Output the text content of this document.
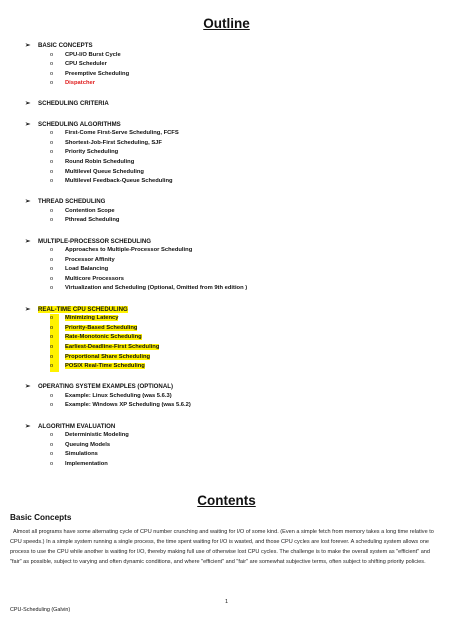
Outline
➢ BASIC CONCEPTS
o CPU-I/O Burst Cycle
o CPU Scheduler
o Preemptive Scheduling
o Dispatcher
➢ SCHEDULING CRITERIA
➢ SCHEDULING ALGORITHMS
o First-Come First-Serve Scheduling, FCFS
o Shortest-Job-First Scheduling, SJF
o Priority Scheduling
o Round Robin Scheduling
o Multilevel Queue Scheduling
o Multilevel Feedback-Queue Scheduling
➢ THREAD SCHEDULING
o Contention Scope
o Pthread Scheduling
➢ MULTIPLE-PROCESSOR SCHEDULING
o Approaches to Multiple-Processor Scheduling
o Processor Affinity
o Load Balancing
o Multicore Processors
o Virtualization and Scheduling (Optional, Omitted from 9th edition )
➢ REAL-TIME CPU SCHEDULING
o	Minimizing Latency
o	Priority-Based Scheduling
o	Rate-Monotonic Scheduling
o	Earliest-Deadline-First Scheduling
o	Proportional Share Scheduling
o	POSIX Real-Time Scheduling
➢ OPERATING SYSTEM EXAMPLES (OPTIONAL)
o Example: Linux Scheduling (was 5.6.3)
o Example: Windows XP Scheduling (was 5.6.2)
➢ ALGORITHM EVALUATION
o Deterministic Modeling
o Queuing Models
o Simulations
o Implementation
Contents
Basic Concepts
Almost all programs have some alternating cycle of CPU number crunching and waiting for I/O of some kind. (Even a simple fetch from memory takes a long time relative to CPU speeds.) In a simple system running a single process, the time spent waiting for I/O is wasted, and those CPU cycles are lost forever. A scheduling system allows one process to use the CPU while another is waiting for I/O, thereby making full use of otherwise lost CPU cycles. The challenge is to make the overall system as "efficient" and "fair" as possible, subject to varying and often dynamic conditions, and where "efficient" and "fair" are somewhat subjective terms, often subject to shifting priority policies.
1
CPU-Scheduling (Galvin)
